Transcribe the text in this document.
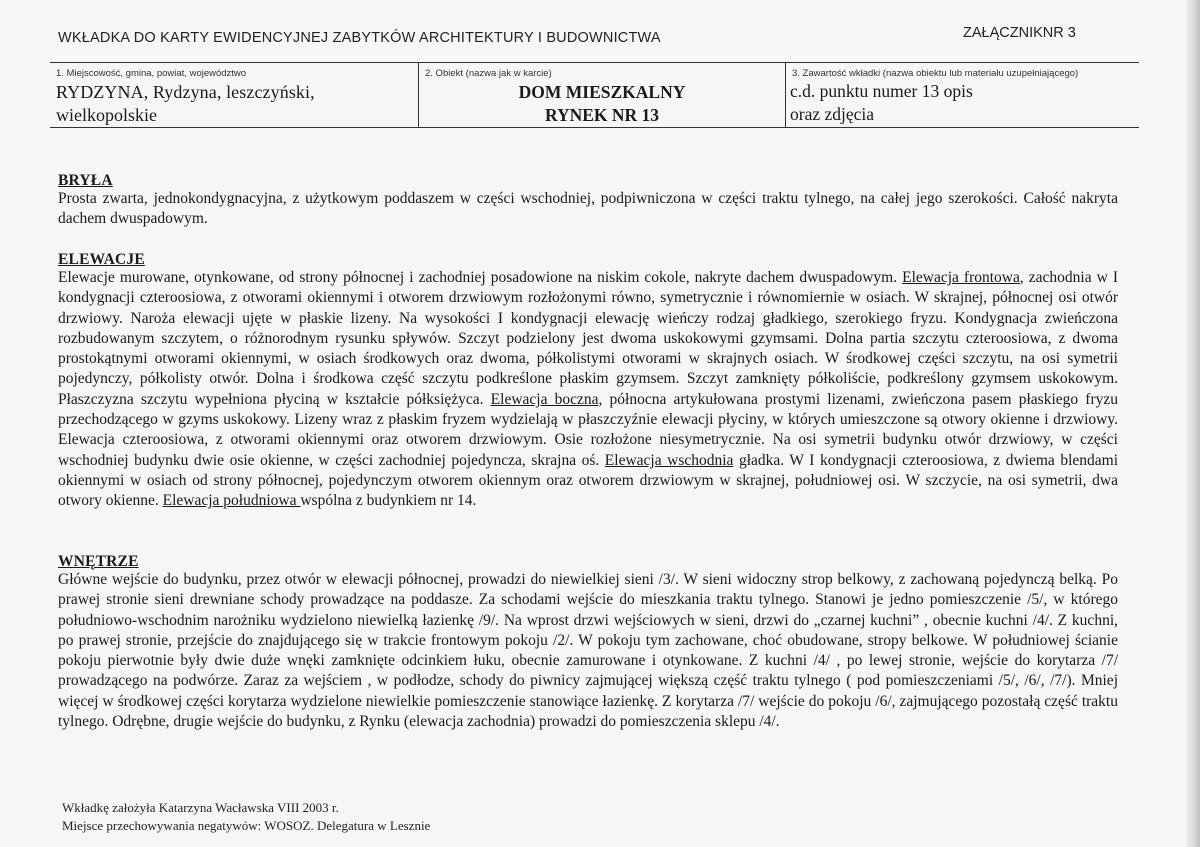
WKŁADKA DO KARTY EWIDENCYJNEJ ZABYTKÓW ARCHITEKTURY I BUDOWNICTWA	ZAŁĄCZNIKNR 3
1. Miejscowość, gmina, powiat, województwo
RYDZYNA, Rydzyna, leszczyński,
wielkopolskie
2. Obiekt (nazwa jak w karcie)
DOM MIESZKALNY
RYNEK NR 13
3. Zawartość wkładki (nazwa obiektu lub materiału uzupełniającego)
c.d. punktu numer 13 opis
oraz zdjęcia
BRYŁA

Prosta zwarta, jednokondygnacyjna, z użytkowym poddaszem w części wschodniej, podpiwniczona w części traktu tylnego, na całej jego szerokości. Całość nakryta dachem dwuspadowym.

ELEWACJE

Elewacje murowane, otynkowane, od strony północnej i zachodniej posadowione na niskim cokole, nakryte dachem dwuspadowym. Elewacja frontowa, zachodnia w I kondygnacji czteroosiowa, z otworami okiennymi i otworem drzwiowym rozłożonymi równo, symetrycznie i równomiernie w osiach. W skrajnej, północnej osi otwór drzwiowy. Naroża elewacji ujęte w płaskie lizeny. Na wysokości I kondygnacji elewację wieńczy rodzaj gładkiego, szerokiego fryzu. Kondygnacja zwieńczona rozbudowanym szczytem, o różnorodnym rysunku spływów. Szczyt podzielony jest dwoma uskokowymi gzymsami. Dolna partia szczytu czteroosiowa, z dwoma prostokątnymi otworami okiennymi, w osiach środkowych oraz dwoma, półkolistymi otworami w skrajnych osiach. W środkowej części szczytu, na osi symetrii pojedynczy, półkolisty otwór. Dolna i środkowa część szczytu podkreślone płaskim gzymsem. Szczyt zamknięty półkoliście, podkreślony gzymsem uskokowym. Płaszczyzna szczytu wypełniona płyciną w kształcie półksiężyca. Elewacja boczna, północna artykułowana prostymi lizenami, zwieńczona pasem płaskiego fryzu przechodzącego w gzyms uskokowy. Lizeny wraz z płaskim fryzem wydzielają w płaszczyźnie elewacji płyciny, w których umieszczone są otwory okienne i drzwiowy. Elewacja czteroosiowa, z otworami okiennymi oraz otworem drzwiowym. Osie rozłożone niesymetrycznie. Na osi symetrii budynku otwór drzwiowy, w części wschodniej budynku dwie osie okienne, w części zachodniej pojedyncza, skrajna oś. Elewacja wschodnia gładka. W I kondygnacji czteroosiowa, z dwiema blendami okiennymi w osiach od strony północnej, pojedynczym otworem okiennym oraz otworem drzwiowym w skrajnej, południowej osi. W szczycie, na osi symetrii, dwa otwory okienne. Elewacja południowa wspólna z budynkiem nr 14.

WNĘTRZE

Główne wejście do budynku, przez otwór w elewacji północnej, prowadzi do niewielkiej sieni /3/. W sieni widoczny strop belkowy, z zachowaną pojedynczą belką. Po prawej stronie sieni drewniane schody prowadzące na poddasze. Za schodami wejście do mieszkania traktu tylnego. Stanowi je jedno pomieszczenie /5/, w którego południowo-wschodnim narożniku wydzielono niewielką łazienkę /9/. Na wprost drzwi wejściowych w sieni, drzwi do „czarnej kuchni” , obecnie kuchni /4/. Z kuchni, po prawej stronie, przejście do znajdującego się w trakcie frontowym pokoju /2/. W pokoju tym zachowane, choć obudowane, stropy belkowe. W południowej ścianie pokoju pierwotnie były dwie duże wnęki zamknięte odcinkiem łuku, obecnie zamurowane i otynkowane. Z kuchni /4/ , po lewej stronie, wejście do korytarza /7/ prowadzącego na podwórze. Zaraz za wejściem , w podłodze, schody do piwnicy zajmującej większą część traktu tylnego ( pod pomieszczeniami /5/, /6/, /7/). Mniej więcej w środkowej części korytarza wydzielone niewielkie pomieszczenie stanowiące łazienkę. Z korytarza /7/ wejście do pokoju /6/, zajmującego pozostałą część traktu tylnego. Odrębne, drugie wejście do budynku, z Rynku (elewacja zachodnia) prowadzi do pomieszczenia sklepu /4/.

Wkładkę założyła Katarzyna Wacławska VIII 2003 r.
Miejsce przechowywania negatywów: WOSOZ. Delegatura w Lesznie
